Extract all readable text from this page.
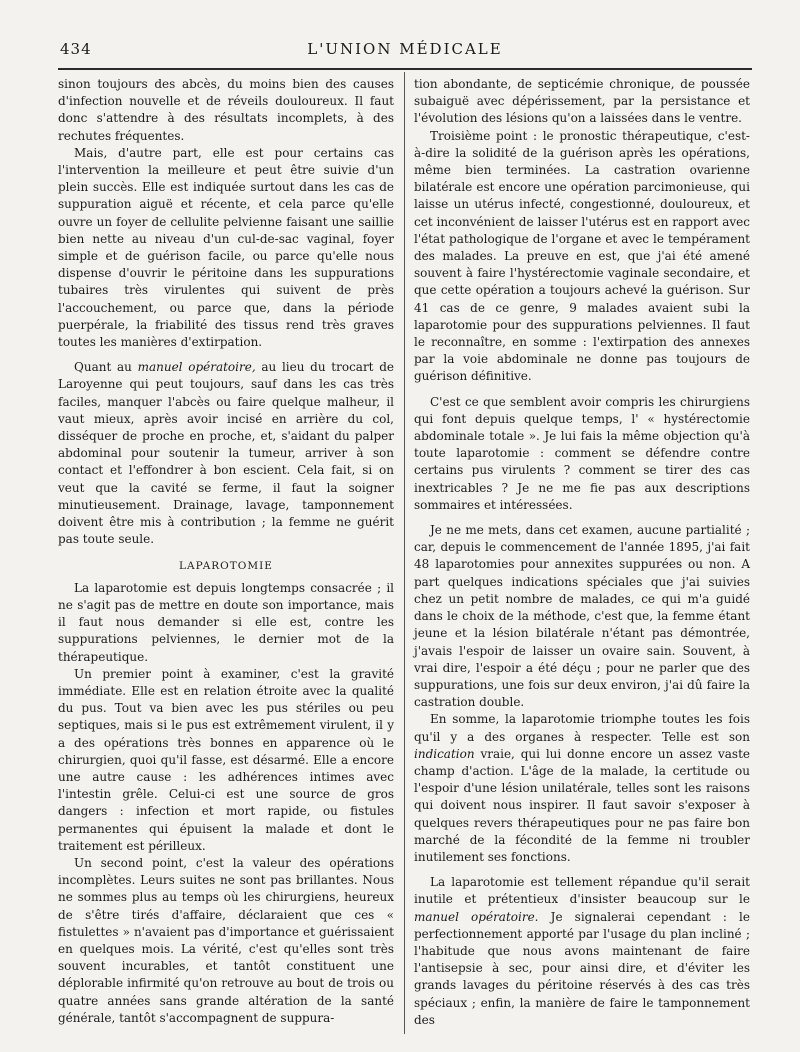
434	L'UNION MÉDICALE

sinon toujours des abcès, du moins bien des causes d'infection nouvelle et de réveils douloureux. Il faut donc s'attendre à des résultats incomplets, à des rechutes fréquentes.

Mais, d'autre part, elle est pour certains cas l'intervention la meilleure et peut être suivie d'un plein succès. Elle est indiquée surtout dans les cas de suppuration aiguë et récente, et cela parce qu'elle ouvre un foyer de cellulite pelvienne faisant une saillie bien nette au niveau d'un cul-de-sac vaginal, foyer simple et de guérison facile, ou parce qu'elle nous dispense d'ouvrir le péritoine dans les suppurations tubaires très virulentes qui suivent de près l'accouchement, ou parce que, dans la période puerpérale, la friabilité des tissus rend très graves toutes les manières d'extirpation.

Quant au manuel opératoire, au lieu du trocart de Laroyenne qui peut toujours, sauf dans les cas très faciles, manquer l'abcès ou faire quelque malheur, il vaut mieux, après avoir incisé en arrière du col, disséquer de proche en proche, et, s'aidant du palper abdominal pour soutenir la tumeur, arriver à son contact et l'effondrer à bon escient. Cela fait, si on veut que la cavité se ferme, il faut la soigner minutieusement. Drainage, lavage, tamponnement doivent être mis à contribution ; la femme ne guérit pas toute seule.

LAPAROTOMIE

La laparotomie est depuis longtemps consacrée ; il ne s'agit pas de mettre en doute son importance, mais il faut nous demander si elle est, contre les suppurations pelviennes, le dernier mot de la thérapeutique.

Un premier point à examiner, c'est la gravité immédiate. Elle est en relation étroite avec la qualité du pus. Tout va bien avec les pus stériles ou peu septiques, mais si le pus est extrêmement virulent, il y a des opérations très bonnes en apparence où le chirurgien, quoi qu'il fasse, est désarmé. Elle a encore une autre cause : les adhérences intimes avec l'intestin grêle. Celui-ci est une source de gros dangers : infection et mort rapide, ou fistules permanentes qui épuisent la malade et dont le traitement est périlleux.

Un second point, c'est la valeur des opérations incomplètes. Leurs suites ne sont pas brillantes. Nous ne sommes plus au temps où les chirurgiens, heureux de s'être tirés d'affaire, déclaraient que ces « fistulettes » n'avaient pas d'importance et guérissaient en quelques mois. La vérité, c'est qu'elles sont très souvent incurables, et tantôt constituent une déplorable infirmité qu'on retrouve au bout de trois ou quatre années sans grande altération de la santé générale, tantôt s'accompagnent de suppura-

tion abondante, de septicémie chronique, de poussée subaiguë avec dépérissement, par la persistance et l'évolution des lésions qu'on a laissées dans le ventre.

Troisième point : le pronostic thérapeutique, c'est-à-dire la solidité de la guérison après les opérations, même bien terminées. La castration ovarienne bilatérale est encore une opération parcimonieuse, qui laisse un utérus infecté, congestionné, douloureux, et cet inconvénient de laisser l'utérus est en rapport avec l'état pathologique de l'organe et avec le tempérament des malades. La preuve en est, que j'ai été amené souvent à faire l'hystérectomie vaginale secondaire, et que cette opération a toujours achevé la guérison. Sur 41 cas de ce genre, 9 malades avaient subi la laparotomie pour des suppurations pelviennes. Il faut le reconnaître, en somme : l'extirpation des annexes par la voie abdominale ne donne pas toujours de guérison définitive.

C'est ce que semblent avoir compris les chirurgiens qui font depuis quelque temps, l' « hystérectomie abdominale totale ». Je lui fais la même objection qu'à toute laparotomie : comment se défendre contre certains pus virulents ? comment se tirer des cas inextricables ? Je ne me fie pas aux descriptions sommaires et intéressées.

Je ne me mets, dans cet examen, aucune partialité ; car, depuis le commencement de l'année 1895, j'ai fait 48 laparotomies pour annexites suppurées ou non. A part quelques indications spéciales que j'ai suivies chez un petit nombre de malades, ce qui m'a guidé dans le choix de la méthode, c'est que, la femme étant jeune et la lésion bilatérale n'étant pas démontrée, j'avais l'espoir de laisser un ovaire sain. Souvent, à vrai dire, l'espoir a été déçu ; pour ne parler que des suppurations, une fois sur deux environ, j'ai dû faire la castration double.

En somme, la laparotomie triomphe toutes les fois qu'il y a des organes à respecter. Telle est son indication vraie, qui lui donne encore un assez vaste champ d'action. L'âge de la malade, la certitude ou l'espoir d'une lésion unilatérale, telles sont les raisons qui doivent nous inspirer. Il faut savoir s'exposer à quelques revers thérapeutiques pour ne pas faire bon marché de la fécondité de la femme ni troubler inutilement ses fonctions.

La laparotomie est tellement répandue qu'il serait inutile et prétentieux d'insister beaucoup sur le manuel opératoire. Je signalerai cependant : le perfectionnement apporté par l'usage du plan incliné ; l'habitude que nous avons maintenant de faire l'antisepsie à sec, pour ainsi dire, et d'éviter les grands lavages du péritoine réservés à des cas très spéciaux ; enfin, la manière de faire le tamponnement des
